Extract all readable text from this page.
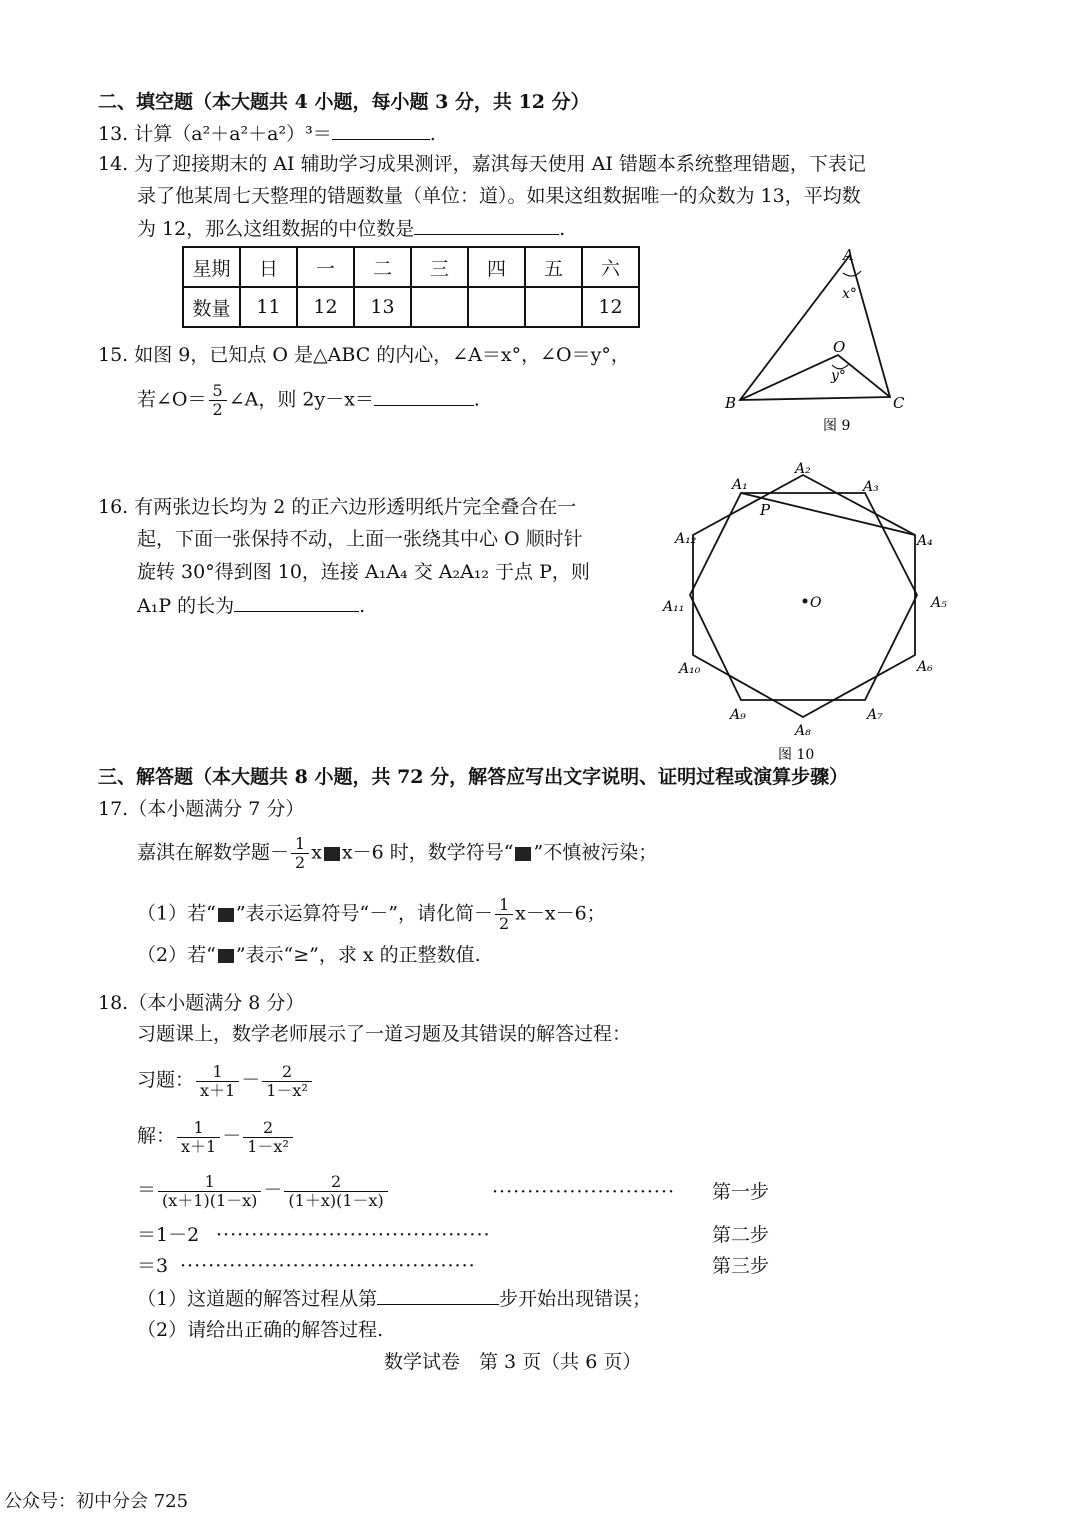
二、填空题（本大题共 4 小题，每小题 3 分，共 12 分）
13. 计算（a²＋a²＋a²）³＝	.
14. 为了迎接期末的 AI 辅助学习成果测评，嘉淇每天使用 AI 错题本系统整理错题，下表记
录了他某周七天整理的错题数量（单位：道）。如果这组数据唯一的众数为 13，平均数
为 12，那么这组数据的中位数是	.
星期	日	一	二	三	四	五	六
数量	11	12	13				12
15. 如图 9，已知点 O 是△ABC 的内心，∠A＝x°，∠O＝y°，
若∠O＝ $\frac{5}{2}$ ∠A，则 2y－x＝	.
A
x°
O
y°
B	C
图 9
16. 有两张边长均为 2 的正六边形透明纸片完全叠合在一
起，下面一张保持不动，上面一张绕其中心 O 顺时针
旋转 30°得到图 10，连接 A₁A₄ 交 A₂A₁₂ 于点 P，则
A₁P 的长为	.
A₁
A₂
A₃
A₄
A₅
A₆
A₇
A₈
A₉
A₁₀
A₁₁
A₁₂
P
O
图 10
三、解答题（本大题共 8 小题，共 72 分，解答应写出文字说明、证明过程或演算步骤）
17.（本小题满分 7 分）
嘉淇在解数学题－ $\frac{1}{2}$ x x－6 时，数学符号“ ”不慎被污染；
（1）若“ ”表示运算符号“－”，请化简－ $\frac{1}{2} x-x-6$；
（2）若“ ”表示“≥”，求 x 的正整数值.
18.（本小题满分 8 分）
习题课上，数学老师展示了一道习题及其错误的解答过程：
习题： $\frac{1}{x+1} - \frac{2}{\text{1－x²}}$
解： $\frac{1}{x+1} - \frac{2}{\text{1－x²}}$
＝ $\frac{1}{(x+1)(1-x)} - \frac{2}{(1+x)(1-x)}$	·························· 第一步
＝1－2 ·······································	第二步
＝3 ··········································	第三步
（1）这道题的解答过程从第	步开始出现错误；
（2）请给出正确的解答过程.
数学试卷　第 3 页（共 6 页）
公众号：初中分会 725
